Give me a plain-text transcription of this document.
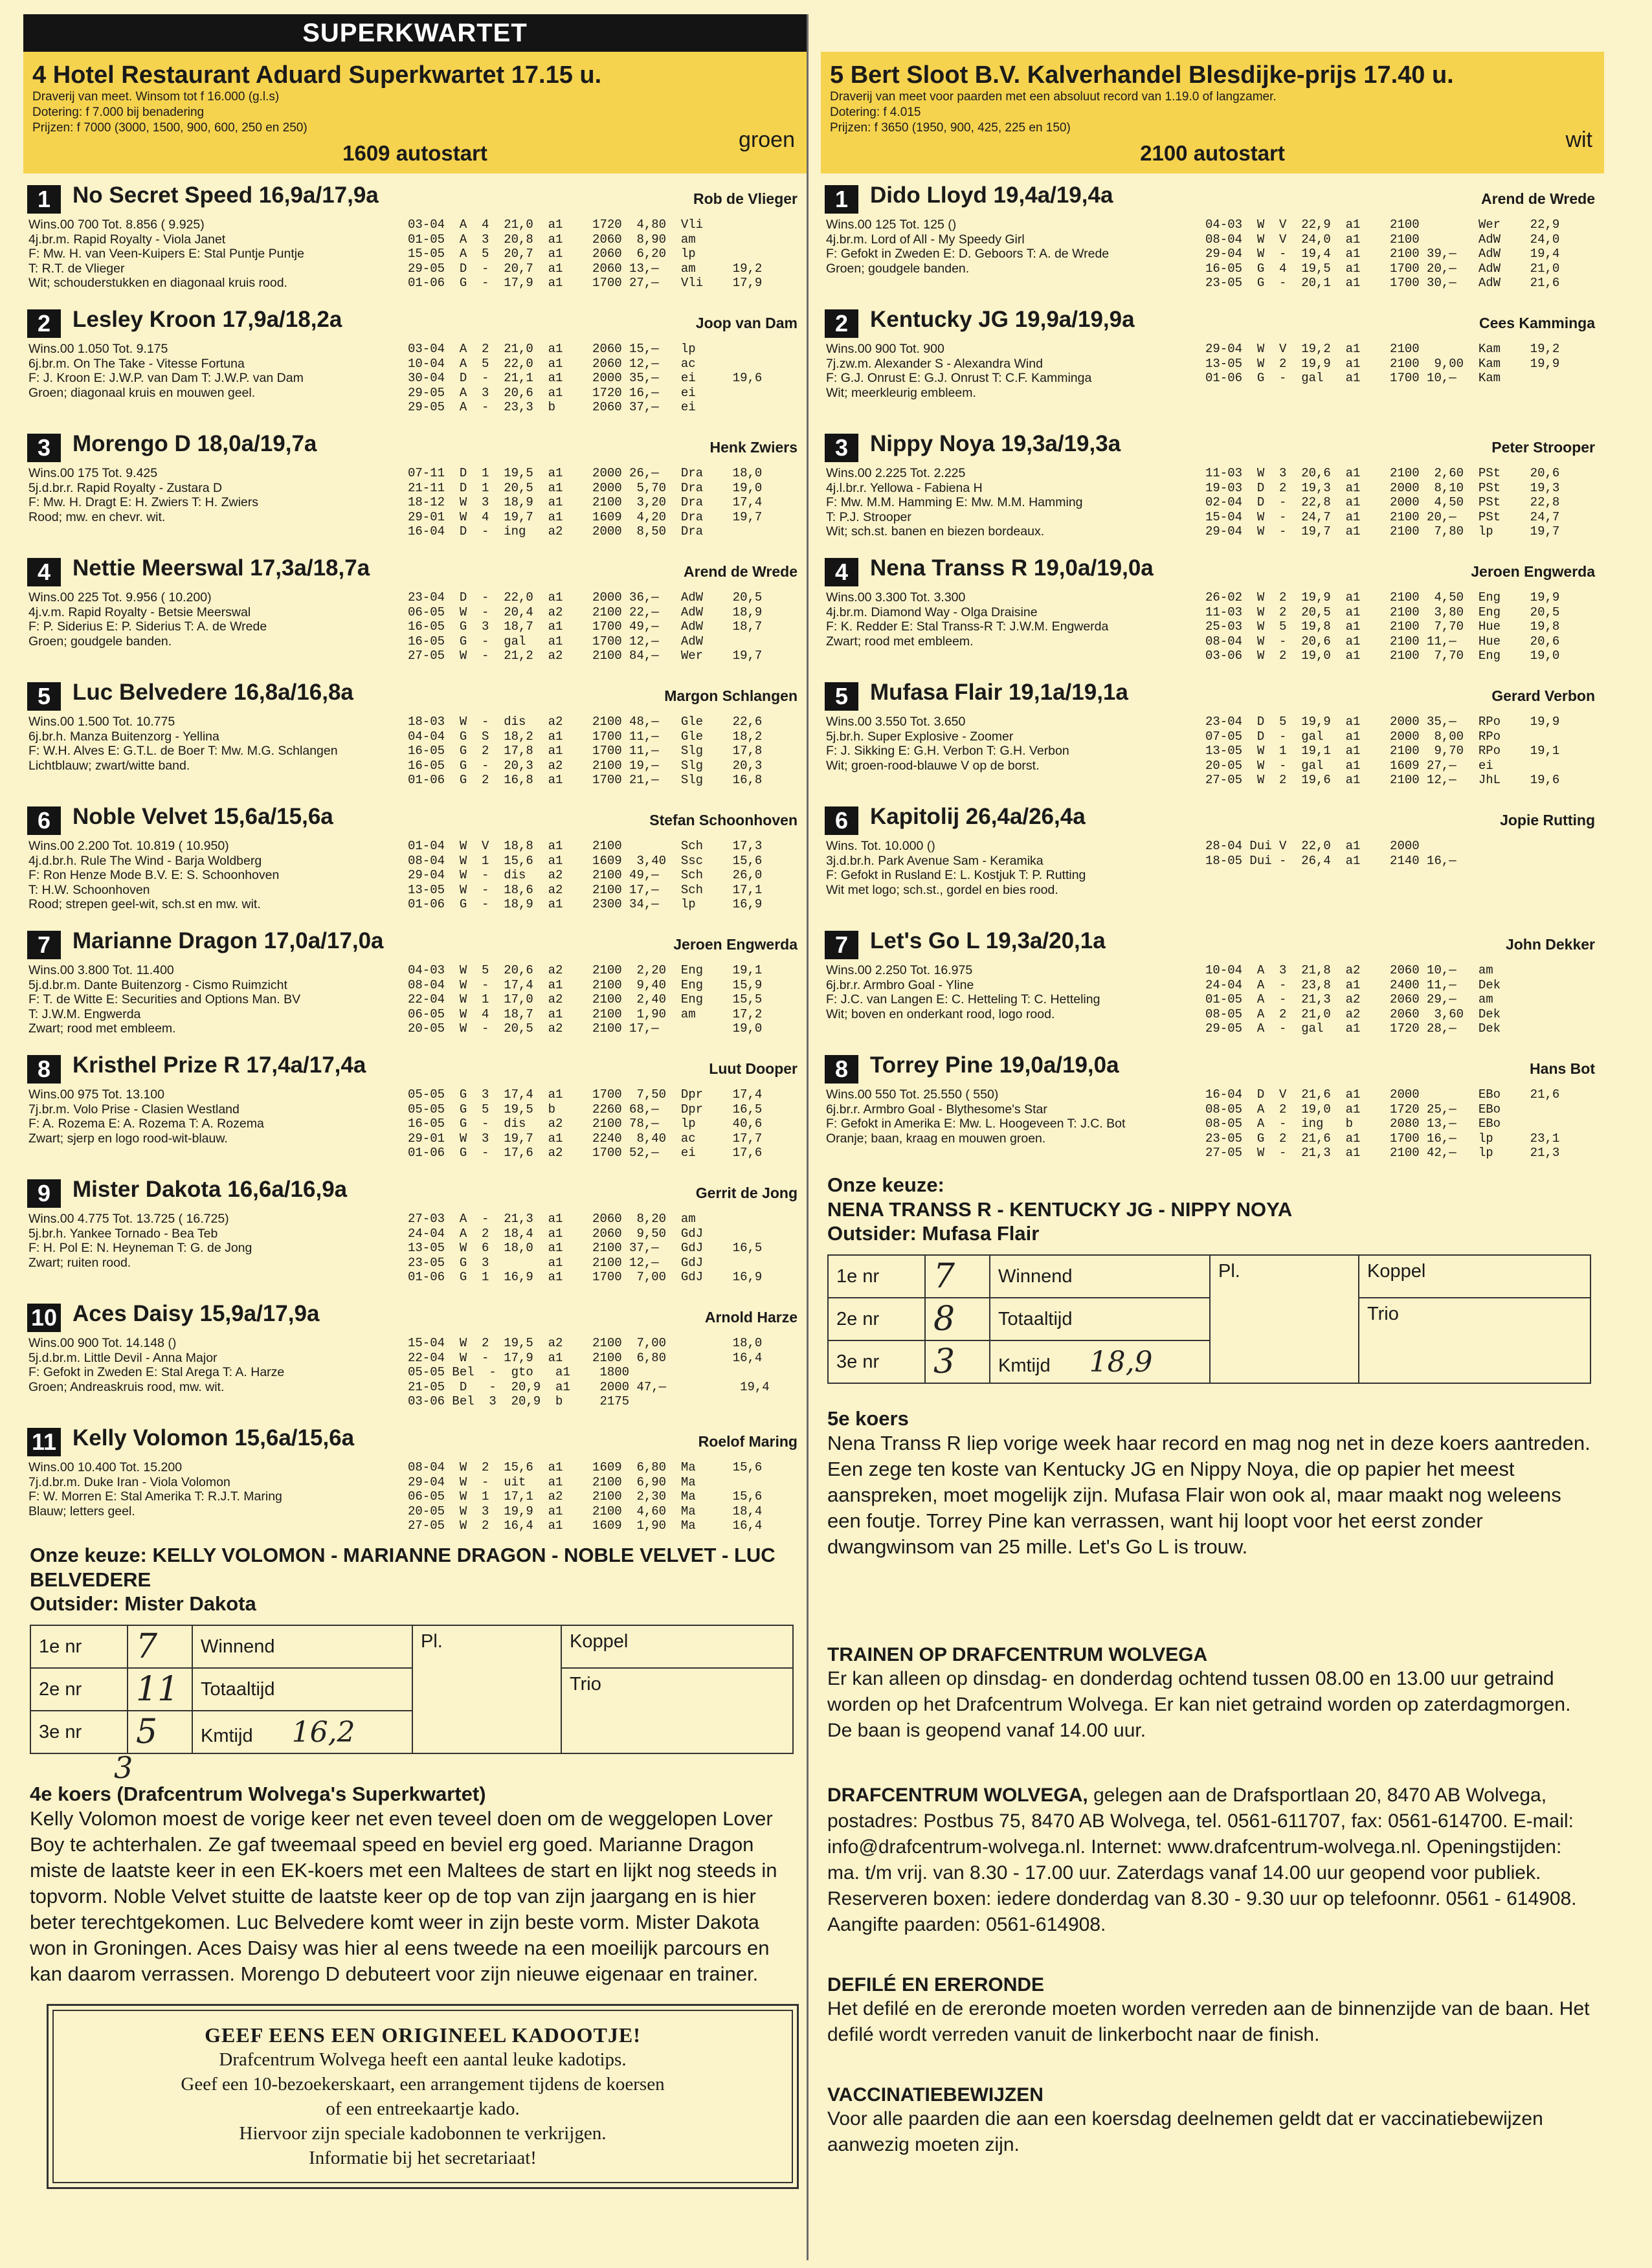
SUPERKWARTET
4 Hotel Restaurant Aduard Superkwartet 17.15 u.
Draverij van meet. Winsom tot f 16.000 (g.l.s)
Dotering: f 7.000 bij benadering
Prijzen: f 7000 (3000, 1500, 900, 600, 250 en 250)
1609 autostart
groen
1 No Secret Speed 16,9a/17,9a	Rob de Vlieger
Wins.00 700 Tot. 8.856 ( 9.925)
4j.br.m. Rapid Royalty - Viola Janet
F: Mw. H. van Veen-Kuipers E: Stal Puntje Puntje
T: R.T. de Vlieger
Wit; schouderstukken en diagonaal kruis rood.
03-04  A  4  21,0  a1    1720  4,80  Vli
01-05  A  3  20,8  a1    2060  8,90  am
15-05  A  5  20,7  a1    2060  6,20  lp
29-05  D  -  20,7  a1    2060 13,—   am     19,2
01-06  G  -  17,9  a1    1700 27,—   Vli    17,9
2 Lesley Kroon 17,9a/18,2a	Joop van Dam
Wins.00 1.050 Tot. 9.175
6j.br.m. On The Take - Vitesse Fortuna
F: J. Kroon E: J.W.P. van Dam T: J.W.P. van Dam
Groen; diagonaal kruis en mouwen geel.
03-04  A  2  21,0  a1    2060 15,—   lp
10-04  A  5  22,0  a1    2060 12,—   ac
30-04  D  -  21,1  a1    2000 35,—   ei     19,6
29-05  A  3  20,6  a1    1720 16,—   ei
29-05  A  -  23,3  b     2060 37,—   ei
3 Morengo D 18,0a/19,7a	Henk Zwiers
Wins.00 175 Tot. 9.425
5j.d.br.r. Rapid Royalty - Zustara D
F: Mw. H. Dragt E: H. Zwiers T: H. Zwiers
Rood; mw. en chevr. wit.
07-11  D  1  19,5  a1    2000 26,—   Dra    18,0
21-11  D  1  20,5  a1    2000  5,70  Dra    19,0
18-12  W  3  18,9  a1    2100  3,20  Dra    17,4
29-01  W  4  19,7  a1    1609  4,20  Dra    19,7
16-04  D  -  ing   a2    2000  8,50  Dra
4 Nettie Meerswal 17,3a/18,7a	Arend de Wrede
Wins.00 225 Tot. 9.956 ( 10.200)
4j.v.m. Rapid Royalty - Betsie Meerswal
F: P. Siderius E: P. Siderius T: A. de Wrede
Groen; goudgele banden.
23-04  D  -  22,0  a1    2000 36,—   AdW    20,5
06-05  W  -  20,4  a2    2100 22,—   AdW    18,9
16-05  G  3  18,7  a1    1700 49,—   AdW    18,7
16-05  G  -  gal   a1    1700 12,—   AdW
27-05  W  -  21,2  a2    2100 84,—   Wer    19,7
5 Luc Belvedere 16,8a/16,8a	Margon Schlangen
Wins.00 1.500 Tot. 10.775
6j.br.h. Manza Buitenzorg - Yellina
F: W.H. Alves E: G.T.L. de Boer T: Mw. M.G. Schlangen
Lichtblauw; zwart/witte band.
18-03  W  -  dis   a2    2100 48,—   Gle    22,6
04-04  G  S  18,2  a1    1700 11,—   Gle    18,2
16-05  G  2  17,8  a1    1700 11,—   Slg    17,8
16-05  G  -  20,3  a2    2100 19,—   Slg    20,3
01-06  G  2  16,8  a1    1700 21,—   Slg    16,8
6 Noble Velvet 15,6a/15,6a	Stefan Schoonhoven
Wins.00 2.200 Tot. 10.819 ( 10.950)
4j.d.br.h. Rule The Wind - Barja Woldberg
F: Ron Henze Mode B.V. E: S. Schoonhoven
T: H.W. Schoonhoven
Rood; strepen geel-wit, sch.st en mw. wit.
01-04  W  V  18,8  a1    2100        Sch    17,3
08-04  W  1  15,6  a1    1609  3,40  Ssc    15,6
29-04  W  -  dis   a2    2100 49,—   Sch    26,0
13-05  W  -  18,6  a2    2100 17,—   Sch    17,1
01-06  G  -  18,9  a1    2300 34,—   lp     16,9
7 Marianne Dragon 17,0a/17,0a	Jeroen Engwerda
Wins.00 3.800 Tot. 11.400
5j.d.br.m. Dante Buitenzorg - Cismo Ruimzicht
F: T. de Witte E: Securities and Options Man. BV
T: J.W.M. Engwerda
Zwart; rood met embleem.
04-03  W  5  20,6  a2    2100  2,20  Eng    19,1
08-04  W  -  17,4  a1    2100  9,40  Eng    15,9
22-04  W  1  17,0  a2    2100  2,40  Eng    15,5
06-05  W  4  18,7  a1    2100  1,90  am     17,2
20-05  W  -  20,5  a2    2100 17,—          19,0
8 Kristhel Prize R 17,4a/17,4a	Luut Dooper
Wins.00 975 Tot. 13.100
7j.br.m. Volo Prise - Clasien Westland
F: A. Rozema E: A. Rozema T: A. Rozema
Zwart; sjerp en logo rood-wit-blauw.
05-05  G  3  17,4  a1    1700  7,50  Dpr    17,4
05-05  G  5  19,5  b     2260 68,—   Dpr    16,5
16-05  G  -  dis   a2    2100 78,—   lp     40,6
29-01  W  3  19,7  a1    2240  8,40  ac     17,7
01-06  G  -  17,6  a2    1700 52,—   ei     17,6
9 Mister Dakota 16,6a/16,9a	Gerrit de Jong
Wins.00 4.775 Tot. 13.725 ( 16.725)
5j.br.h. Yankee Tornado - Bea Teb
F: H. Pol E: N. Heyneman T: G. de Jong
Zwart; ruiten rood.
27-03  A  -  21,3  a1    2060  8,20  am
24-04  A  2  18,4  a1    2060  9,50  GdJ
13-05  W  6  18,0  a1    2100 37,—   GdJ    16,5
23-05  G  3        a1    2100 12,—   GdJ
01-06  G  1  16,9  a1    1700  7,00  GdJ    16,9
10 Aces Daisy 15,9a/17,9a	Arnold Harze
Wins.00 900 Tot. 14.148 ()
5j.d.br.m. Little Devil - Anna Major
F: Gefokt in Zweden E: Stal Arega T: A. Harze
Groen; Andreaskruis rood, mw. wit.
15-04  W  2  19,5  a2    2100  7,00         18,0
22-04  W  -  17,9  a1    2100  6,80         16,4
05-05 Bel  -  gto   a1    1800
21-05  D   -  20,9  a1    2000 47,—          19,4
03-06 Bel  3  20,9  b     2175
11 Kelly Volomon 15,6a/15,6a	Roelof Maring
Wins.00 10.400 Tot. 15.200
7j.d.br.m. Duke Iran - Viola Volomon
F: W. Morren E: Stal Amerika T: R.J.T. Maring
Blauw; letters geel.
08-04  W  2  15,6  a1    1609  6,80  Ma     15,6
29-04  W  -  uit   a1    2100  6,90  Ma
06-05  W  1  17,1  a2    2100  2,30  Ma     15,6
20-05  W  3  19,9  a1    2100  4,60  Ma     18,4
27-05  W  2  16,4  a1    1609  1,90  Ma     16,4
Onze keuze: KELLY VOLOMON - MARIANNE DRAGON - NOBLE VELVET - LUC BELVEDERE
Outsider: Mister Dakota
1e nr	7	Winnend	Pl.	Koppel
2e nr	11	Totaaltijd		Trio
3e nr	5	Kmtijd 16,2		
3
4e koers (Drafcentrum Wolvega's Superkwartet)
Kelly Volomon moest de vorige keer net even teveel doen om de weggelopen Lover Boy te achterhalen. Ze gaf tweemaal speed en beviel erg goed. Marianne Dragon miste de laatste keer in een EK-koers met een Maltees de start en lijkt nog steeds in topvorm. Noble Velvet stuitte de laatste keer op de top van zijn jaargang en is hier beter terechtgekomen. Luc Belvedere komt weer in zijn beste vorm. Mister Dakota won in Groningen. Aces Daisy was hier al eens tweede na een moeilijk parcours en kan daarom verrassen. Morengo D debuteert voor zijn nieuwe eigenaar en trainer.
GEEF EENS EEN ORIGINEEL KADOOTJE!
Drafcentrum Wolvega heeft een aantal leuke kadotips.
Geef een 10-bezoekerskaart, een arrangement tijdens de koersen
of een entreekaartje kado.
Hiervoor zijn speciale kadobonnen te verkrijgen.
Informatie bij het secretariaat!
5 Bert Sloot B.V. Kalverhandel Blesdijke-prijs 17.40 u.
Draverij van meet voor paarden met een absoluut record van 1.19.0 of langzamer.
Dotering: f 4.015
Prijzen: f 3650 (1950, 900, 425, 225 en 150)
2100 autostart
wit
1 Dido Lloyd 19,4a/19,4a	Arend de Wrede
Wins.00 125 Tot. 125 ()
4j.br.m. Lord of All - My Speedy Girl
F: Gefokt in Zweden E: D. Geboors T: A. de Wrede
Groen; goudgele banden.
04-03  W  V  22,9  a1    2100        Wer    22,9
08-04  W  V  24,0  a1    2100        AdW    24,0
29-04  W  -  19,4  a1    2100 39,—   AdW    19,4
16-05  G  4  19,5  a1    1700 20,—   AdW    21,0
23-05  G  -  20,1  a1    1700 30,—   AdW    21,6
2 Kentucky JG 19,9a/19,9a	Cees Kamminga
Wins.00 900 Tot. 900
7j.zw.m. Alexander S - Alexandra Wind
F: G.J. Onrust E: G.J. Onrust T: C.F. Kamminga
Wit; meerkleurig embleem.
29-04  W  V  19,2  a1    2100        Kam    19,2
13-05  W  2  19,9  a1    2100  9,00  Kam    19,9
01-06  G  -  gal   a1    1700 10,—   Kam
3 Nippy Noya 19,3a/19,3a	Peter Strooper
Wins.00 2.225 Tot. 2.225
4j.l.br.r. Yellowa - Fabiena H
F: Mw. M.M. Hamming E: Mw. M.M. Hamming
T: P.J. Strooper
Wit; sch.st. banen en biezen bordeaux.
11-03  W  3  20,6  a1    2100  2,60  PSt    20,6
19-03  D  2  19,3  a1    2000  8,10  PSt    19,3
02-04  D  -  22,8  a1    2000  4,50  PSt    22,8
15-04  W  -  24,7  a1    2100 20,—   PSt    24,7
29-04  W  -  19,7  a1    2100  7,80  lp     19,7
4 Nena Transs R 19,0a/19,0a	Jeroen Engwerda
Wins.00 3.300 Tot. 3.300
4j.br.m. Diamond Way - Olga Draisine
F: K. Redder E: Stal Transs-R T: J.W.M. Engwerda
Zwart; rood met embleem.
26-02  W  2  19,9  a1    2100  4,50  Eng    19,9
11-03  W  2  20,5  a1    2100  3,80  Eng    20,5
25-03  W  5  19,8  a1    2100  7,70  Hue    19,8
08-04  W  -  20,6  a1    2100 11,—   Hue    20,6
03-06  W  2  19,0  a1    2100  7,70  Eng    19,0
5 Mufasa Flair 19,1a/19,1a	Gerard Verbon
Wins.00 3.550 Tot. 3.650
5j.br.h. Super Explosive - Zoomer
F: J. Sikking E: G.H. Verbon T: G.H. Verbon
Wit; groen-rood-blauwe V op de borst.
23-04  D  5  19,9  a1    2000 35,—   RPo    19,9
07-05  D  -  gal   a1    2000  8,00  RPo
13-05  W  1  19,1  a1    2100  9,70  RPo    19,1
20-05  W  -  gal   a1    1609 27,—   ei
27-05  W  2  19,6  a1    2100 12,—   JhL    19,6
6 Kapitolij 26,4a/26,4a	Jopie Rutting
Wins. Tot. 10.000 ()
3j.d.br.h. Park Avenue Sam - Keramika
F: Gefokt in Rusland E: L. Kostjuk T: P. Rutting
Wit met logo; sch.st., gordel en bies rood.
28-04 Dui V  22,0  a1    2000
18-05 Dui -  26,4  a1    2140 16,—
7 Let's Go L 19,3a/20,1a	John Dekker
Wins.00 2.250 Tot. 16.975
6j.br.r. Armbro Goal - Yline
F: J.C. van Langen E: C. Hetteling T: C. Hetteling
Wit; boven en onderkant rood, logo rood.
10-04  A  3  21,8  a2    2060 10,—   am
24-04  A  -  23,8  a1    2400 11,—   Dek
01-05  A  -  21,3  a2    2060 29,—   am
08-05  A  2  21,0  a2    2060  3,60  Dek
29-05  A  -  gal   a1    1720 28,—   Dek
8 Torrey Pine 19,0a/19,0a	Hans Bot
Wins.00 550 Tot. 25.550 ( 550)
6j.br.r. Armbro Goal - Blythesome's Star
F: Gefokt in Amerika E: Mw. L. Hoogeveen T: J.C. Bot
Oranje; baan, kraag en mouwen groen.
16-04  D  V  21,6  a1    2000        EBo    21,6
08-05  A  2  19,0  a1    1720 25,—   EBo
08-05  A  -  ing   b     2080 13,—   EBo
23-05  G  2  21,6  a1    1700 16,—   lp     23,1
27-05  W  -  21,3  a1    2100 42,—   lp     21,3
Onze keuze:
NENA TRANSS R - KENTUCKY JG - NIPPY NOYA
Outsider: Mufasa Flair
1e nr	7	Winnend	Pl.	Koppel
2e nr	8	Totaaltijd		Trio
3e nr	3	Kmtijd 18,9		
5e koers
Nena Transs R liep vorige week haar record en mag nog net in deze koers aantreden. Een zege ten koste van Kentucky JG en Nippy Noya, die op papier het meest aanspreken, moet mogelijk zijn. Mufasa Flair won ook al, maar maakt nog weleens een foutje. Torrey Pine kan verrassen, want hij loopt voor het eerst zonder dwangwinsom van 25 mille. Let's Go L is trouw.
TRAINEN OP DRAFCENTRUM WOLVEGA
Er kan alleen op dinsdag- en donderdag ochtend tussen 08.00 en 13.00 uur getraind worden op het Drafcentrum Wolvega. Er kan niet getraind worden op zaterdagmorgen. De baan is geopend vanaf 14.00 uur.
DRAFCENTRUM WOLVEGA, gelegen aan de Drafsportlaan 20, 8470 AB Wolvega, postadres: Postbus 75, 8470 AB Wolvega, tel. 0561-611707, fax: 0561-614700. E-mail: info@drafcentrum-wolvega.nl. Internet: www.drafcentrum-wolvega.nl. Openingstijden: ma. t/m vrij. van 8.30 - 17.00 uur. Zaterdags vanaf 14.00 uur geopend voor publiek. Reserveren boxen: iedere donderdag van 8.30 - 9.30 uur op telefoonnr. 0561 - 614908. Aangifte paarden: 0561-614908.
DEFILÉ EN ERERONDE
Het defilé en de ereronde moeten worden verreden aan de binnenzijde van de baan. Het defilé wordt verreden vanuit de linkerbocht naar de finish.
VACCINATIEBEWIJZEN
Voor alle paarden die aan een koersdag deelnemen geldt dat er vaccinatiebewijzen aanwezig moeten zijn.
